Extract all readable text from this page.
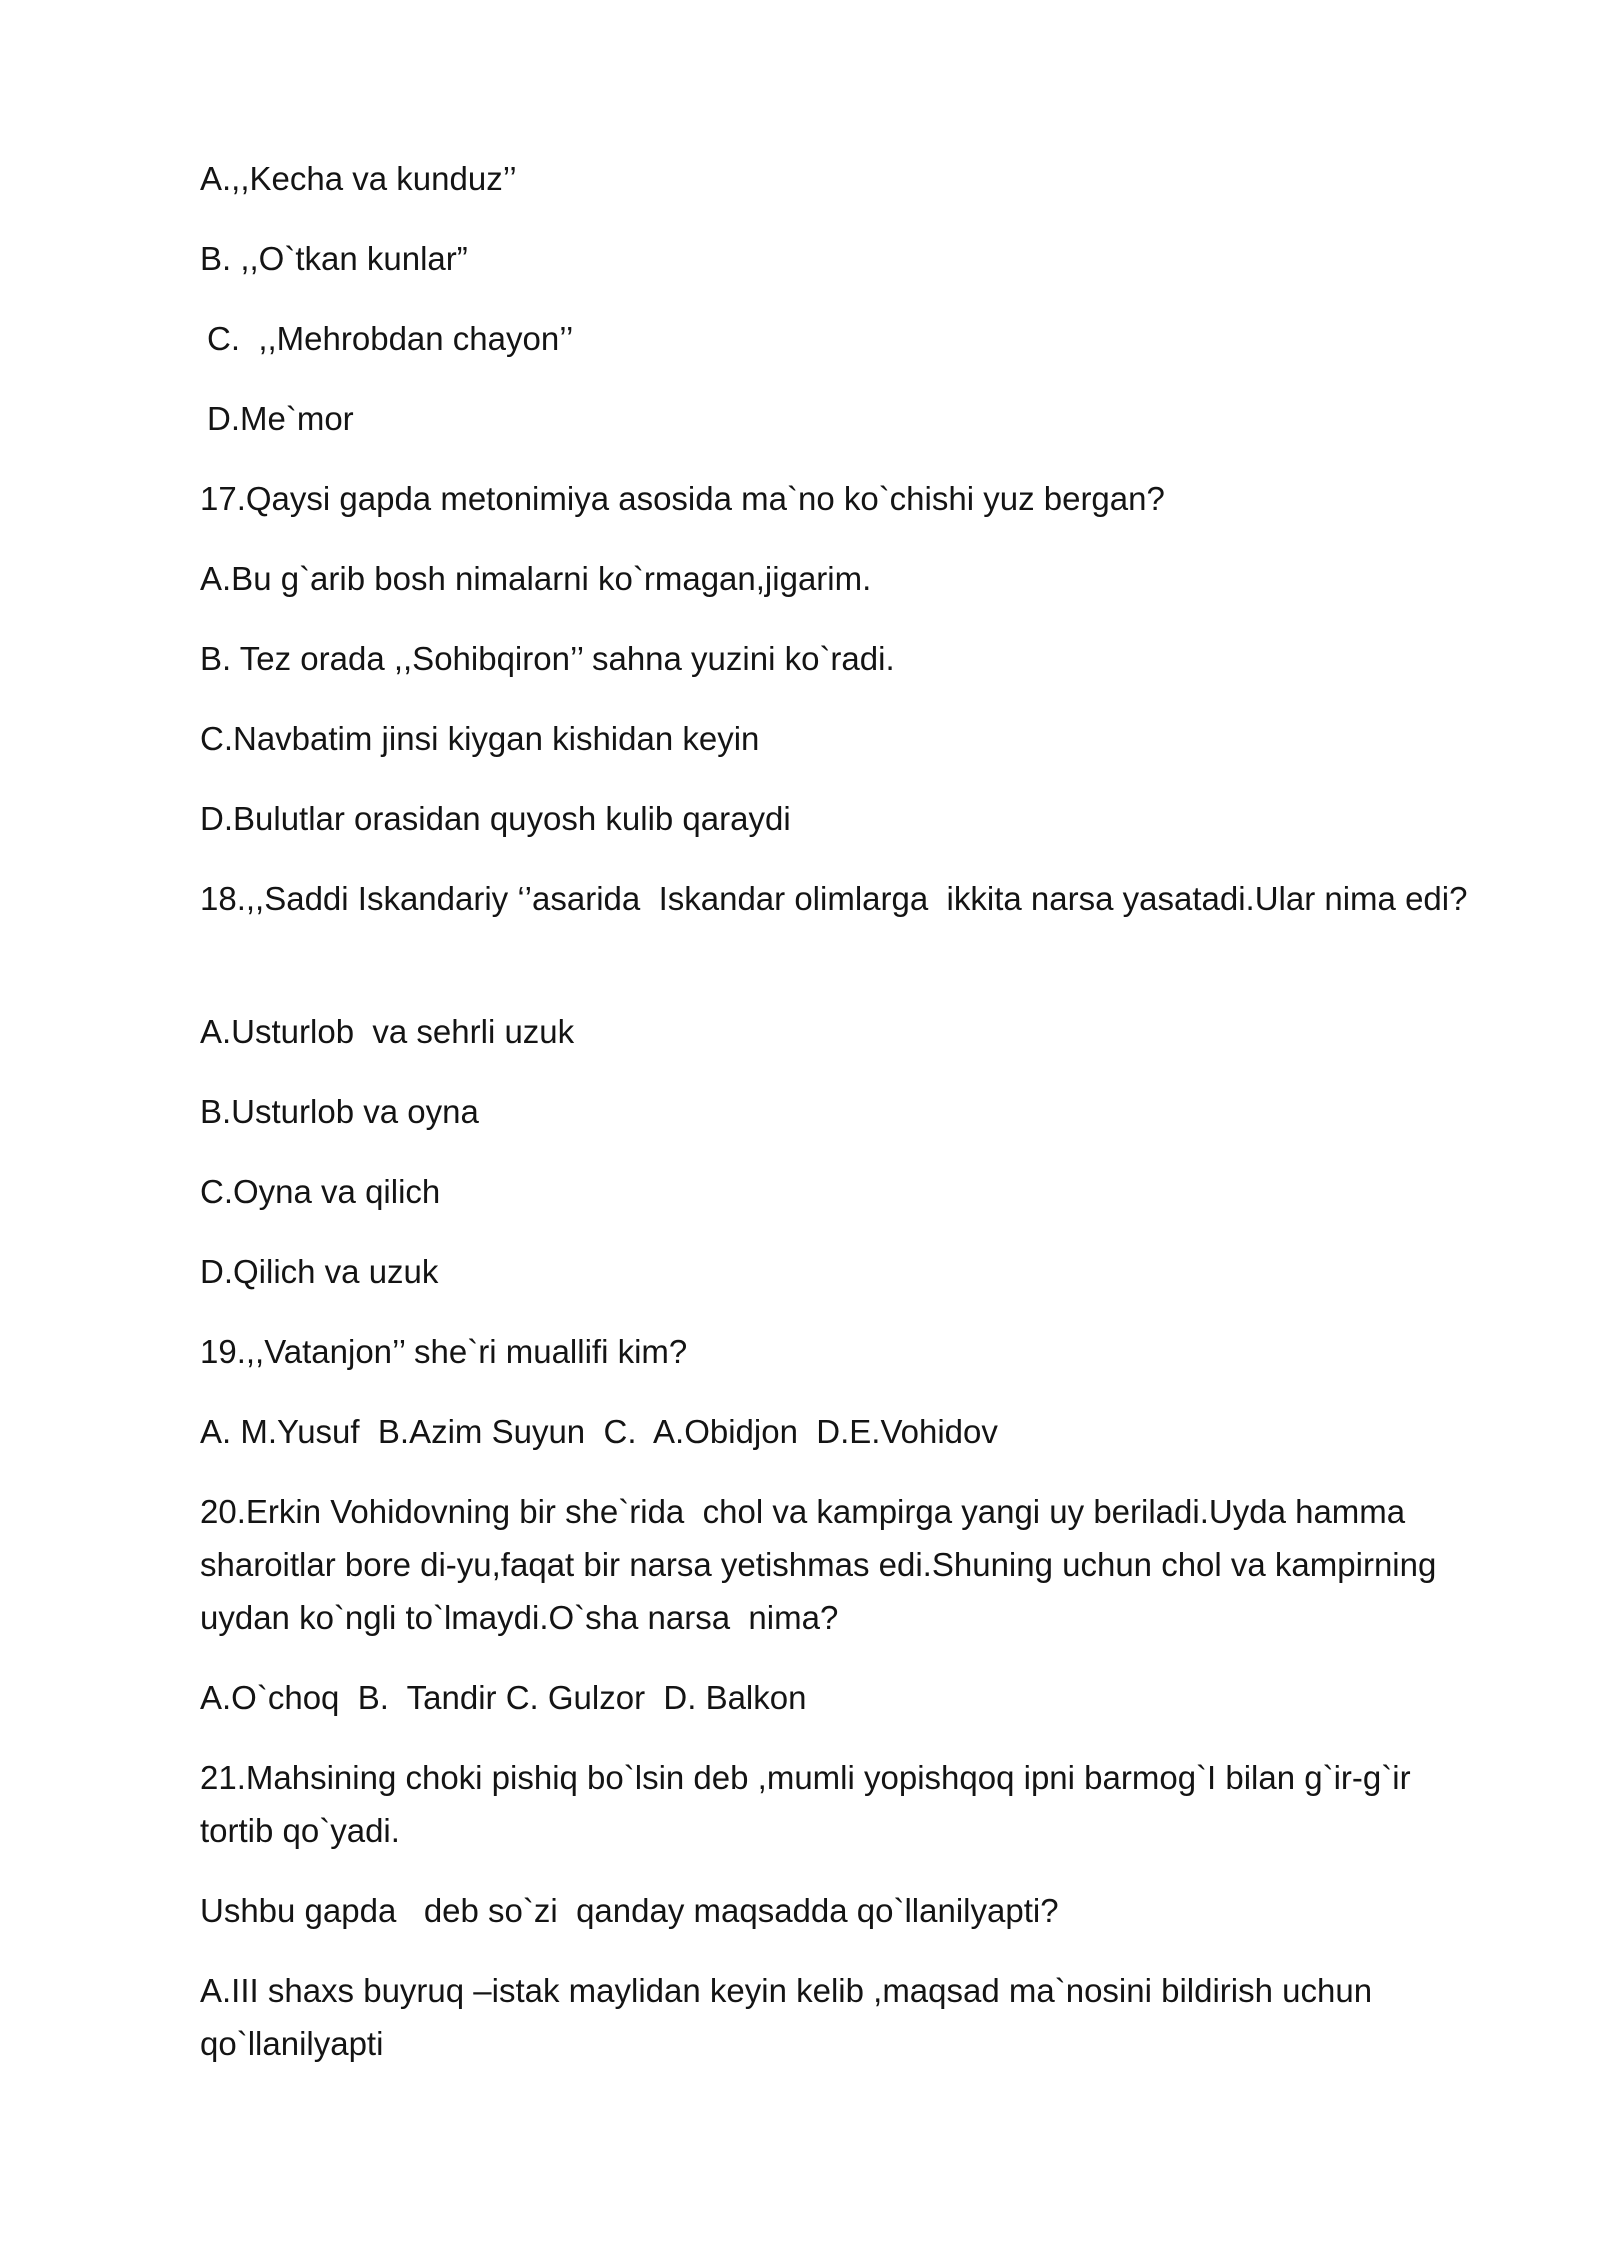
A.,,Kecha va kunduz’’

B. ,,O`tkan kunlar”

C.  ,,Mehrobdan chayon’’

D.Me`mor

17.Qaysi gapda metonimiya asosida ma`no ko`chishi yuz bergan?

A.Bu g`arib bosh nimalarni ko`rmagan,jigarim.

B. Tez orada ,,Sohibqiron’’ sahna yuzini ko`radi.

C.Navbatim jinsi kiygan kishidan keyin

D.Bulutlar orasidan quyosh kulib qaraydi

18.,,Saddi Iskandariy ‘’asarida  Iskandar olimlarga  ikkita narsa yasatadi.Ular nima edi?

A.Usturlob  va sehrli uzuk

B.Usturlob va oyna

C.Oyna va qilich

D.Qilich va uzuk

19.,,Vatanjon’’ she`ri muallifi kim?

A. M.Yusuf  B.Azim Suyun  C.  A.Obidjon  D.E.Vohidov

20.Erkin Vohidovning bir she`rida  chol va kampirga yangi uy beriladi.Uyda hamma sharoitlar bore di-yu,faqat bir narsa yetishmas edi.Shuning uchun chol va kampirning uydan ko`ngli to`lmaydi.O`sha narsa  nima?

A.O`choq  B.  Tandir C. Gulzor  D. Balkon

21.Mahsining choki pishiq bo`lsin deb ,mumli yopishqoq ipni barmog`I bilan g`ir-g`ir tortib qo`yadi.

Ushbu gapda   deb so`zi  qanday maqsadda qo`llanilyapti?

A.III shaxs buyruq –istak maylidan keyin kelib ,maqsad ma`nosini bildirish uchun qo`llanilyapti
